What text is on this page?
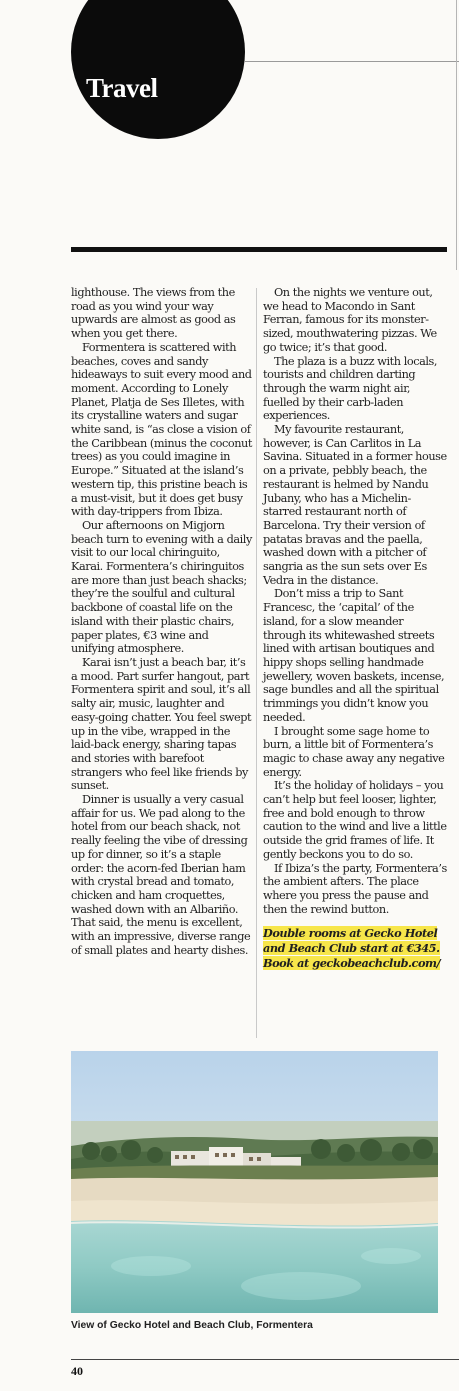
Travel

lighthouse. The views from the road as you wind your way upwards are almost as good as when you get there.

Formentera is scattered with beaches, coves and sandy hideaways to suit every mood and moment. According to Lonely Planet, Platja de Ses Illetes, with its crystalline waters and sugar white sand, is “as close a vision of the Caribbean (minus the coconut trees) as you could imagine in Europe.” Situated at the island’s western tip, this pristine beach is a must-visit, but it does get busy with day-trippers from Ibiza.

Our afternoons on Migjorn beach turn to evening with a daily visit to our local chiringuito, Karai. Formentera’s chiringuitos are more than just beach shacks; they’re the soulful and cultural backbone of coastal life on the island with their plastic chairs, paper plates, €3 wine and unifying atmosphere.

Karai isn’t just a beach bar, it’s a mood. Part surfer hangout, part Formentera spirit and soul, it’s all salty air, music, laughter and easy-going chatter. You feel swept up in the vibe, wrapped in the laid-back energy, sharing tapas and stories with barefoot strangers who feel like friends by sunset.

Dinner is usually a very casual affair for us. We pad along to the hotel from our beach shack, not really feeling the vibe of dressing up for dinner, so it’s a staple order: the acorn-fed Iberian ham with crystal bread and tomato, chicken and ham croquettes, washed down with an Albariño. That said, the menu is excellent, with an impressive, diverse range of small plates and hearty dishes.

On the nights we venture out, we head to Macondo in Sant Ferran, famous for its monster-sized, mouthwatering pizzas. We go twice; it’s that good.

The plaza is a buzz with locals, tourists and children darting through the warm night air, fuelled by their carb-laden experiences.

My favourite restaurant, however, is Can Carlitos in La Savina. Situated in a former house on a private, pebbly beach, the restaurant is helmed by Nandu Jubany, who has a Michelin-starred restaurant north of Barcelona. Try their version of patatas bravas and the paella, washed down with a pitcher of sangria as the sun sets over Es Vedra in the distance.

Don’t miss a trip to Sant Francesc, the ‘capital’ of the island, for a slow meander through its whitewashed streets lined with artisan boutiques and hippy shops selling handmade jewellery, woven baskets, incense, sage bundles and all the spiritual trimmings you didn’t know you needed.

I brought some sage home to burn, a little bit of Formentera’s magic to chase away any negative energy.

It’s the holiday of holidays – you can’t help but feel looser, lighter, free and bold enough to throw caution to the wind and live a little outside the grid frames of life. It gently beckons you to do so.

If Ibiza’s the party, Formentera’s the ambient afters. The place where you press the pause and then the rewind button.

Double rooms at Gecko Hotel and Beach Club start at €345. Book at geckobeachclub.com/
View of Gecko Hotel and Beach Club, Formentera
40
